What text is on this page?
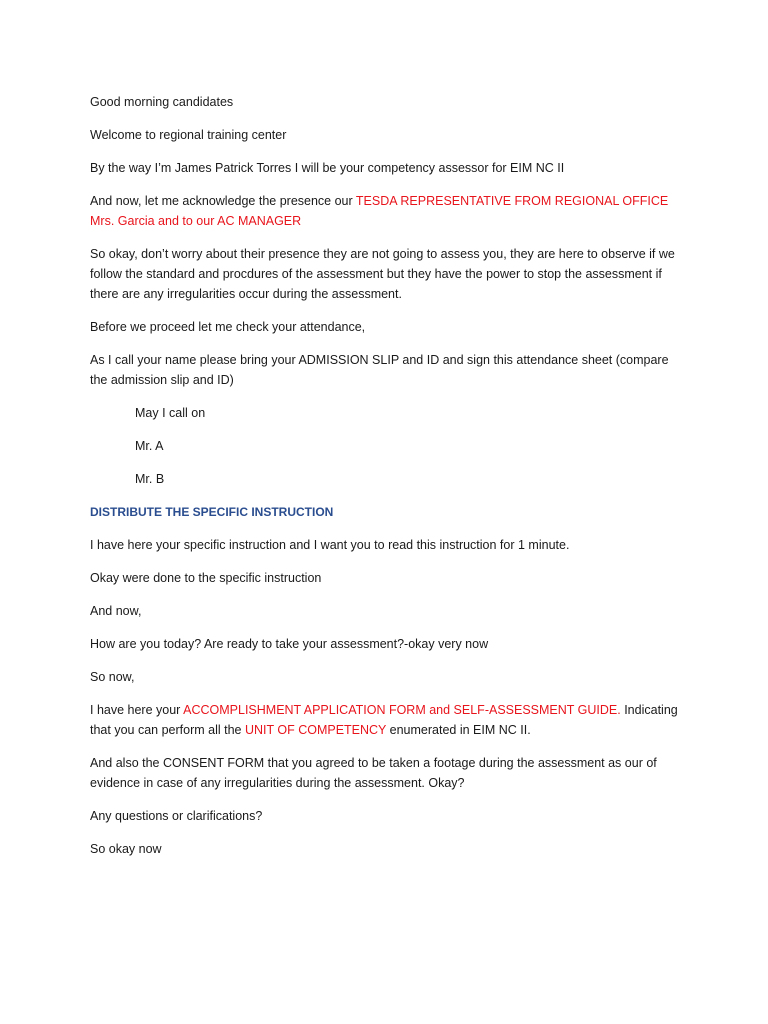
Good morning candidates

Welcome to regional training center

By the way I’m James Patrick Torres I will be your competency assessor for EIM NC II

And now, let me acknowledge the presence our TESDA REPRESENTATIVE FROM REGIONAL OFFICE Mrs. Garcia and to our AC MANAGER

So okay, don’t worry about their presence they are not going to assess you, they are here to observe if we follow the standard and procdures of the assessment but they have the power to stop the assessment if there are any irregularities occur during the assessment.

Before we proceed let me check your attendance,

As I call your name please bring your ADMISSION SLIP and ID and sign this attendance sheet (compare the admission slip and ID)

May I call on

Mr. A

Mr. B

DISTRIBUTE THE SPECIFIC INSTRUCTION

I have here your specific instruction and I want you to read this instruction for 1 minute.

Okay were done to the specific instruction

And now,

How are you today? Are ready to take your assessment?-okay very now

So now,

I have here your ACCOMPLISHMENT APPLICATION FORM and SELF-ASSESSMENT GUIDE. Indicating that you can perform all the UNIT OF COMPETENCY enumerated in EIM NC II.

And also the CONSENT FORM that you agreed to be taken a footage during the assessment as our of evidence in case of any irregularities during the assessment. Okay?

Any questions or clarifications?

So okay now
